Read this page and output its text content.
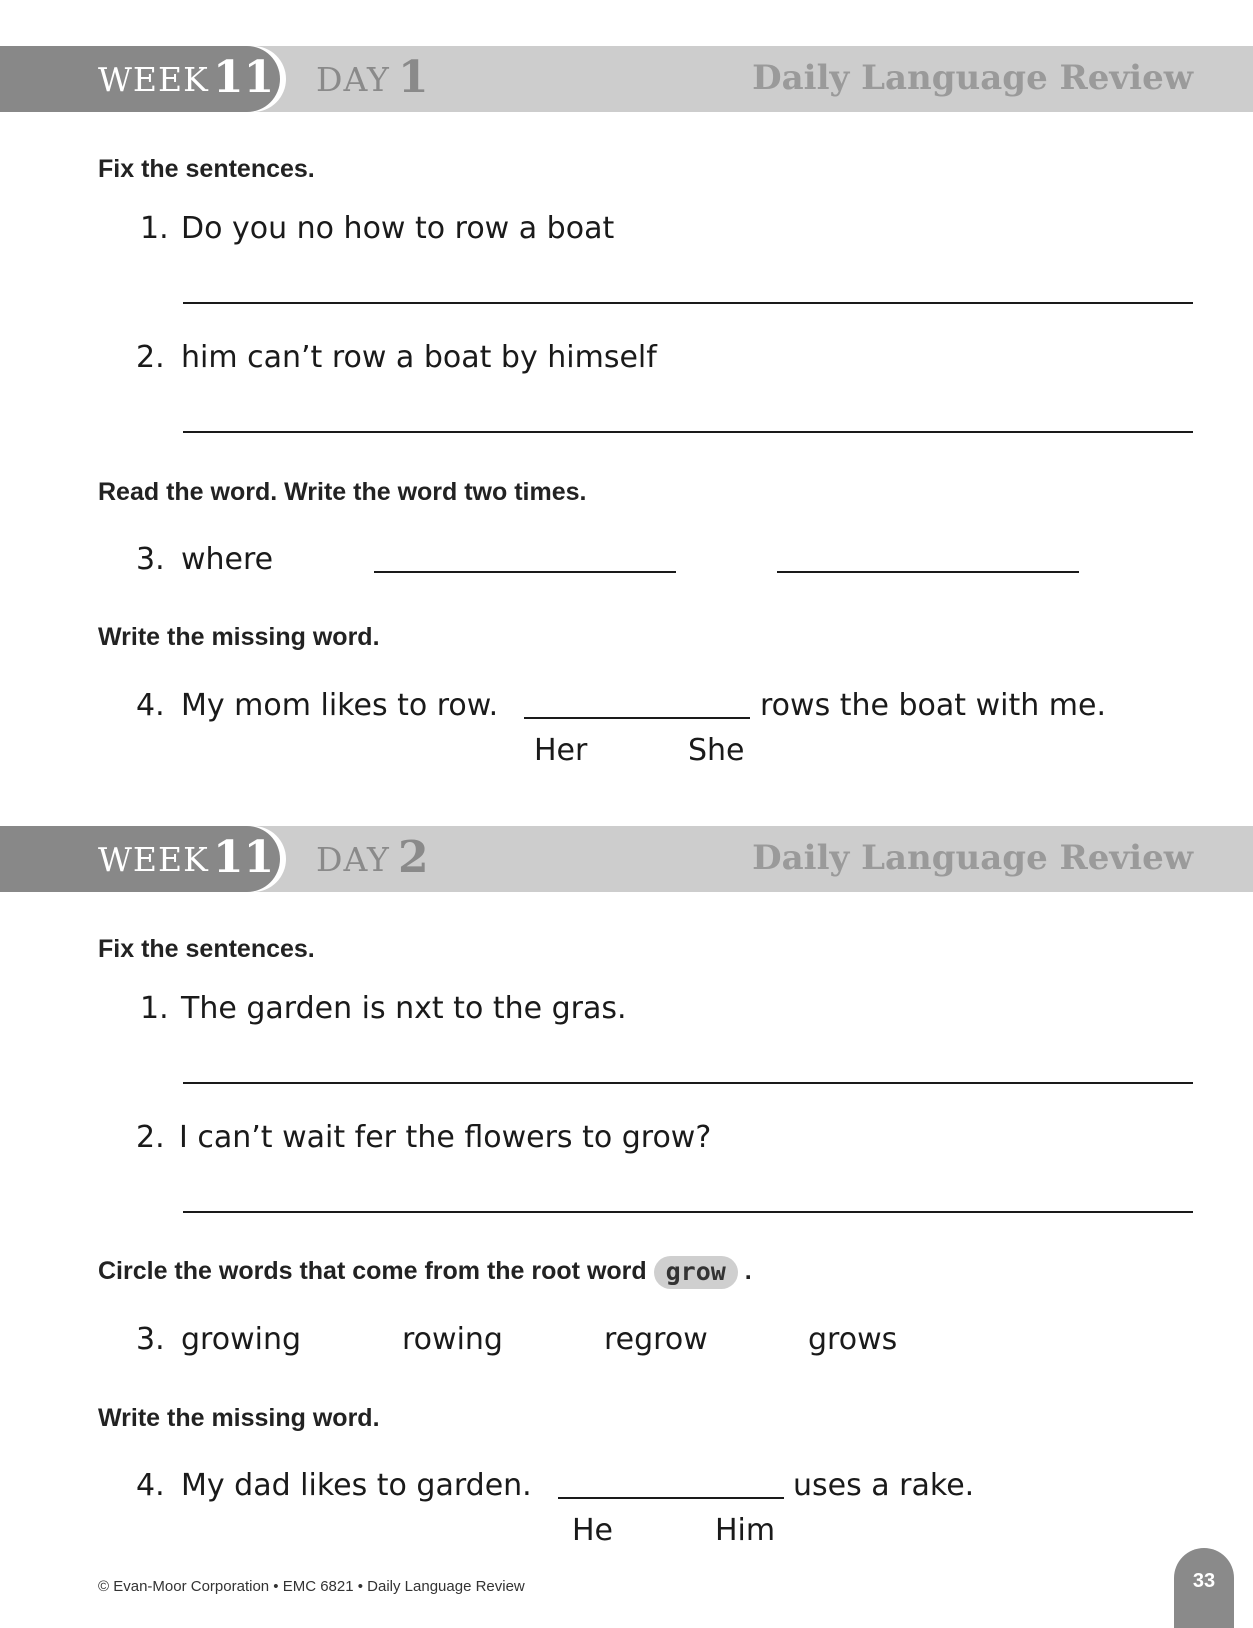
WEEK 11 DAY 1	Daily Language Review
Fix the sentences.
1. Do you no how to row a boat
2. him can’t row a boat by himself
Read the word. Write the word two times.
3. where
Write the missing word.
4. My mom likes to row.	rows the boat with me.
Her	She
WEEK 11 DAY 2	Daily Language Review
Fix the sentences.
1. The garden is nxt to the gras.
2. I can’t wait fer the flowers to grow?
Circle the words that come from the root word grow .
3. growing	rowing	regrow	grows
Write the missing word.
4. My dad likes to garden.	uses a rake.
He	Him
© Evan-Moor Corporation • EMC 6821 • Daily Language Review	33
